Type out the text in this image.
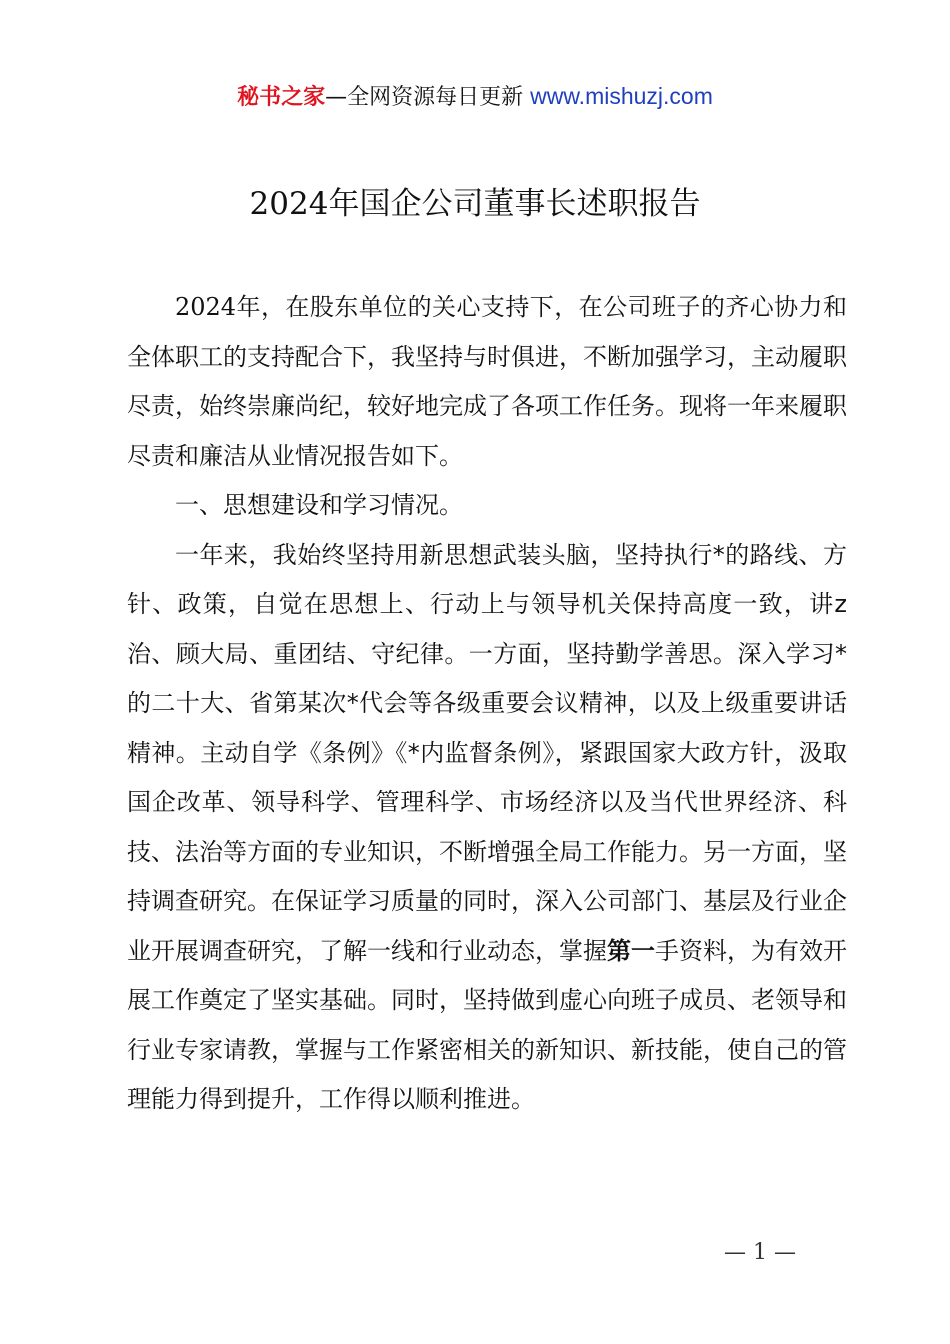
秘书之家—全网资源每日更新 www.mishuzj.com
2024年国企公司董事长述职报告

2024年，在股东单位的关心支持下，在公司班子的齐心协力和全体职工的支持配合下，我坚持与时俱进，不断加强学习，主动履职尽责，始终崇廉尚纪，较好地完成了各项工作任务。现将一年来履职尽责和廉洁从业情况报告如下。

一、思想建设和学习情况。

一年来，我始终坚持用新思想武装头脑，坚持执行*的路线、方针、政策，自觉在思想上、行动上与领导机关保持高度一致，讲z治、顾大局、重团结、守纪律。一方面，坚持勤学善思。深入学习*的二十大、省第某次*代会等各级重要会议精神，以及上级重要讲话精神。主动自学《条例》《*内监督条例》，紧跟国家大政方针，汲取国企改革、领导科学、管理科学、市场经济以及当代世界经济、科技、法治等方面的专业知识，不断增强全局工作能力。另一方面，坚持调查研究。在保证学习质量的同时，深入公司部门、基层及行业企业开展调查研究，了解一线和行业动态，掌握第一手资料，为有效开展工作奠定了坚实基础。同时，坚持做到虚心向班子成员、老领导和行业专家请教，掌握与工作紧密相关的新知识、新技能，使自己的管理能力得到提升，工作得以顺利推进。

— 1 —
